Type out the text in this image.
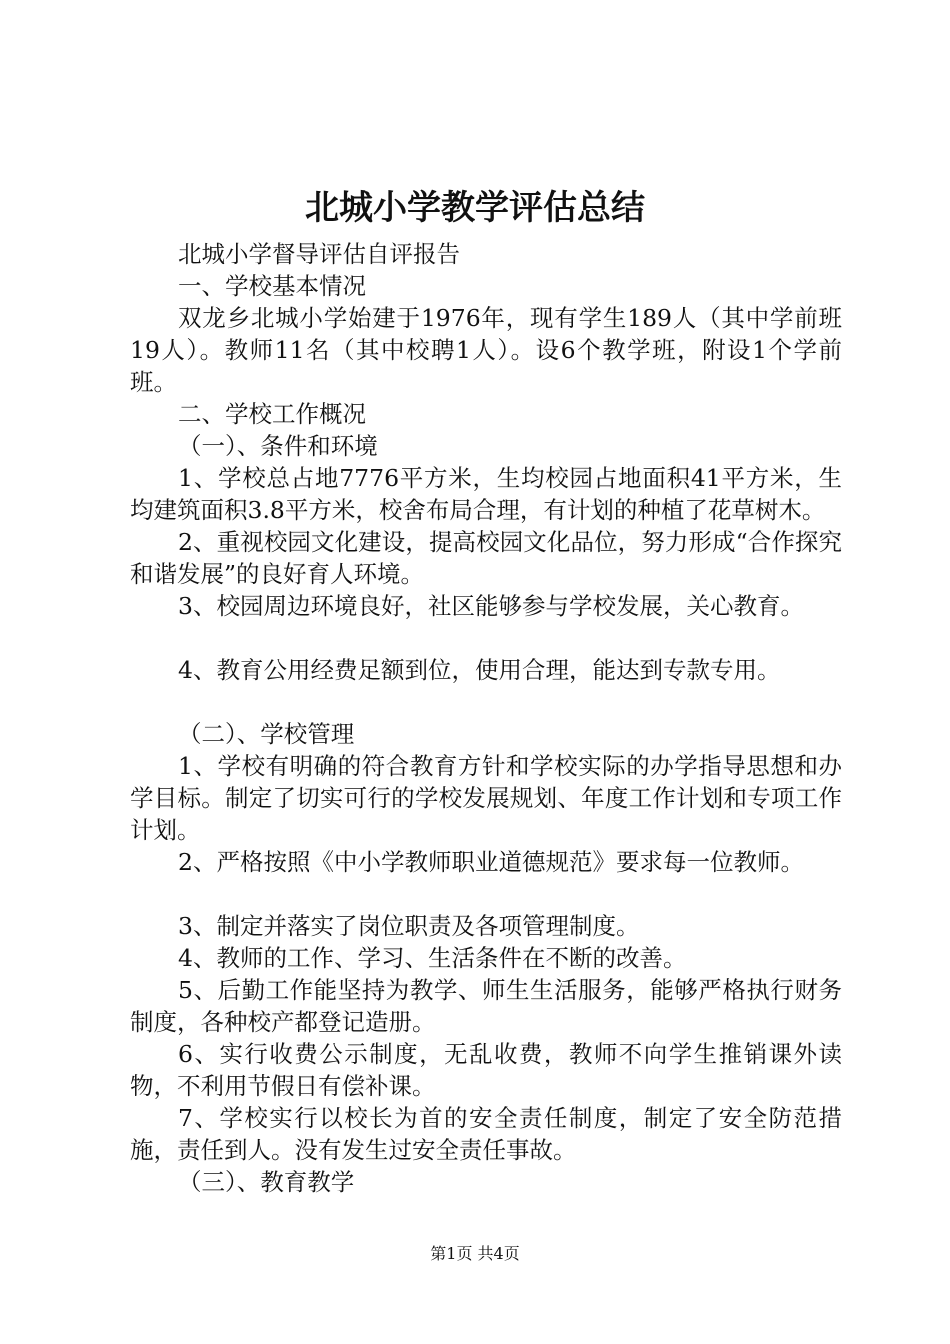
北城小学教学评估总结
北城小学督导评估自评报告
一、学校基本情况
双龙乡北城小学始建于1976年，现有学生189人（其中学前班19人）。教师11名（其中校聘1人）。设6个教学班，附设1个学前班。
二、学校工作概况
（一）、条件和环境
1、学校总占地7776平方米，生均校园占地面积41平方米，生均建筑面积3.8平方米，校舍布局合理，有计划的种植了花草树木。
2、重视校园文化建设，提高校园文化品位，努力形成“合作探究和谐发展”的良好育人环境。
3、校园周边环境良好，社区能够参与学校发展，关心教育。
4、教育公用经费足额到位，使用合理，能达到专款专用。
（二）、学校管理
1、学校有明确的符合教育方针和学校实际的办学指导思想和办学目标。制定了切实可行的学校发展规划、年度工作计划和专项工作计划。
2、严格按照《中小学教师职业道德规范》要求每一位教师。
3、制定并落实了岗位职责及各项管理制度。
4、教师的工作、学习、生活条件在不断的改善。
5、后勤工作能坚持为教学、师生生活服务，能够严格执行财务制度，各种校产都登记造册。
6、实行收费公示制度，无乱收费，教师不向学生推销课外读物，不利用节假日有偿补课。
7、学校实行以校长为首的安全责任制度，制定了安全防范措施，责任到人。没有发生过安全责任事故。
（三）、教育教学
第1页 共4页
